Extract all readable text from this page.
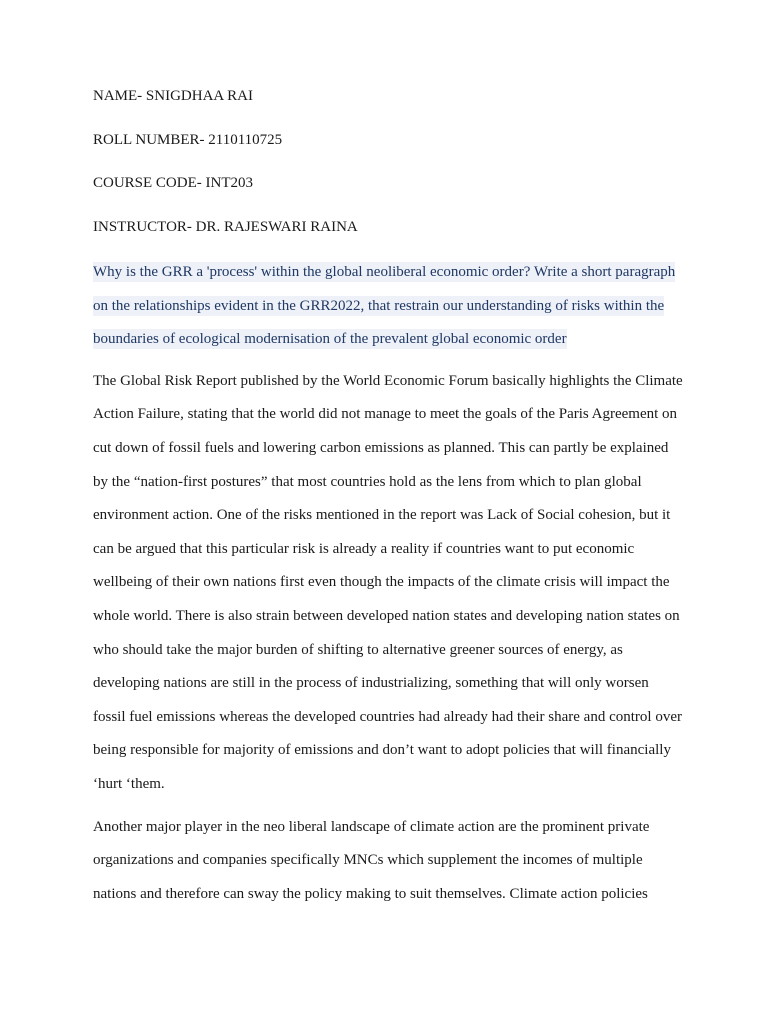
NAME- SNIGDHAA RAI

ROLL NUMBER- 2110110725

COURSE CODE- INT203

INSTRUCTOR- DR. RAJESWARI RAINA

Why is the GRR a 'process' within the global neoliberal economic order? Write a short paragraph on the relationships evident in the GRR2022, that restrain our understanding of risks within the boundaries of ecological modernisation of the prevalent global economic order

The Global Risk Report published by the World Economic Forum basically highlights the Climate Action Failure, stating that the world did not manage to meet the goals of the Paris Agreement on cut down of fossil fuels and lowering carbon emissions as planned. This can partly be explained by the “nation-first postures” that most countries hold as the lens from which to plan global environment action. One of the risks mentioned in the report was Lack of Social cohesion, but it can be argued that this particular risk is already a reality if countries want to put economic wellbeing of their own nations first even though the impacts of the climate crisis will impact the whole world. There is also strain between developed nation states and developing nation states on who should take the major burden of shifting to alternative greener sources of energy, as developing nations are still in the process of industrializing, something that will only worsen fossil fuel emissions whereas the developed countries had already had their share and control over being responsible for majority of emissions and don’t want to adopt policies that will financially ‘hurt ‘them.

Another major player in the neo liberal landscape of climate action are the prominent private organizations and companies specifically MNCs which supplement the incomes of multiple nations and therefore can sway the policy making to suit themselves. Climate action policies
